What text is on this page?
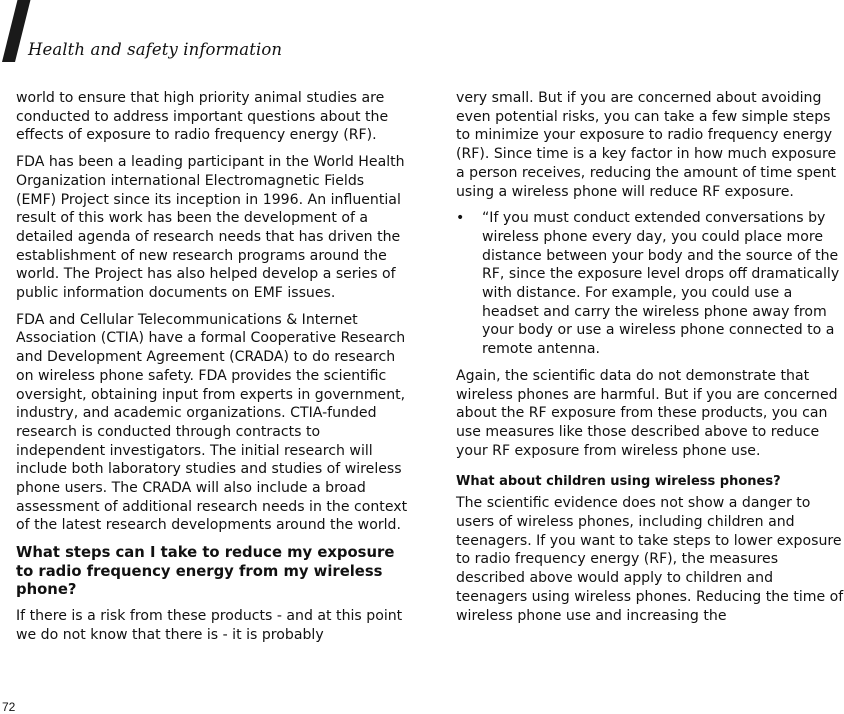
Health and safety information

world to ensure that high priority animal studies are conducted to address important questions about the effects of exposure to radio frequency energy (RF).

FDA has been a leading participant in the World Health Organization international Electromagnetic Fields (EMF) Project since its inception in 1996. An influential result of this work has been the development of a detailed agenda of research needs that has driven the establishment of new research programs around the world. The Project has also helped develop a series of public information documents on EMF issues.

FDA and Cellular Telecommunications & Internet Association (CTIA) have a formal Cooperative Research and Development Agreement (CRADA) to do research on wireless phone safety. FDA provides the scientific oversight, obtaining input from experts in government, industry, and academic organizations. CTIA-funded research is conducted through contracts to independent investigators. The initial research will include both laboratory studies and studies of wireless phone users. The CRADA will also include a broad assessment of additional research needs in the context of the latest research developments around the world.

What steps can I take to reduce my exposure to radio frequency energy from my wireless phone?

If there is a risk from these products - and at this point we do not know that there is - it is probably

very small. But if you are concerned about avoiding even potential risks, you can take a few simple steps to minimize your exposure to radio frequency energy (RF). Since time is a key factor in how much exposure a person receives, reducing the amount of time spent using a wireless phone will reduce RF exposure.

• “If you must conduct extended conversations by wireless phone every day, you could place more distance between your body and the source of the RF, since the exposure level drops off dramatically with distance. For example, you could use a headset and carry the wireless phone away from your body or use a wireless phone connected to a remote antenna.

Again, the scientific data do not demonstrate that wireless phones are harmful. But if you are concerned about the RF exposure from these products, you can use measures like those described above to reduce your RF exposure from wireless phone use.

What about children using wireless phones?

The scientific evidence does not show a danger to users of wireless phones, including children and teenagers. If you want to take steps to lower exposure to radio frequency energy (RF), the measures described above would apply to children and teenagers using wireless phones. Reducing the time of wireless phone use and increasing the

72
